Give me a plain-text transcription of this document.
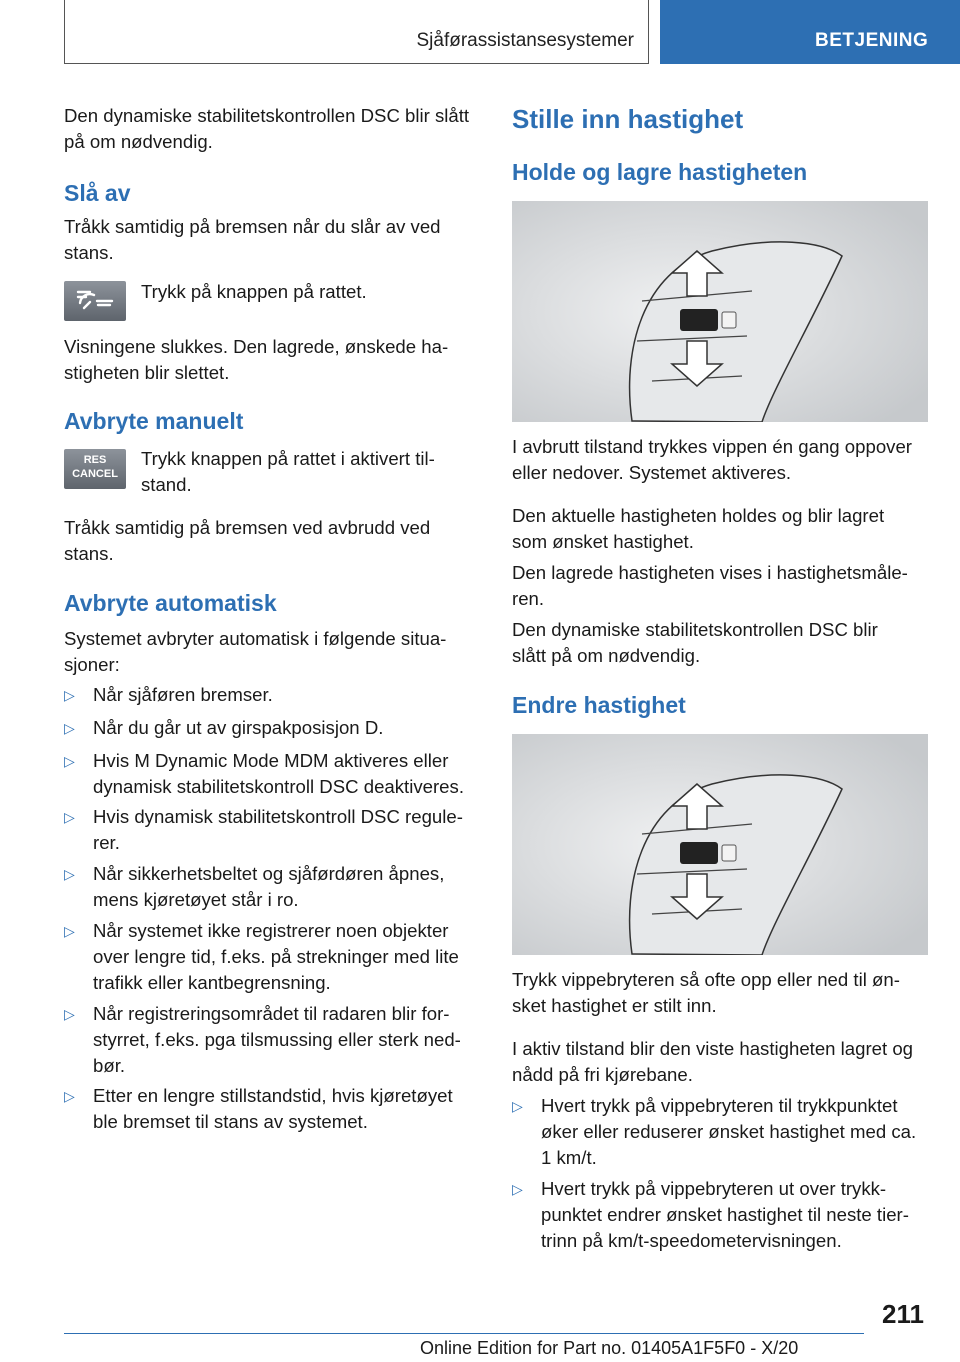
Sjåførassistansesystemer	BETJENING

Den dynamiske stabilitetskontrollen DSC blir slått på om nødvendig.

Slå av

Tråkk samtidig på bremsen når du slår av ved stans.

Trykk på knappen på rattet.

Visningene slukkes. Den lagrede, ønskede ha-stigheten blir slettet.

Avbryte manuelt
RES
CANCEL

Trykk knappen på rattet i aktivert til-stand.

Tråkk samtidig på bremsen ved avbrudd ved stans.

Avbryte automatisk

Systemet avbryter automatisk i følgende situa-sjoner:

▷ Når sjåføren bremser.
▷ Når du går ut av girspakposisjon D.
▷ Hvis M Dynamic Mode MDM aktiveres eller dynamisk stabilitetskontroll DSC deaktiveres.
▷ Hvis dynamisk stabilitetskontroll DSC regule-rer.
▷ Når sikkerhetsbeltet og sjåførdøren åpnes, mens kjøretøyet står i ro.
▷ Når systemet ikke registrerer noen objekter over lengre tid, f.eks. på strekninger med lite trafikk eller kantbegrensning.
▷ Når registreringsområdet til radaren blir for-styrret, f.eks. pga tilsmussing eller sterk ned-bør.
▷ Etter en lengre stillstandstid, hvis kjøretøyet ble bremset til stans av systemet.
Stille inn hastighet
Holde og lagre hastigheten

I avbrutt tilstand trykkes vippen én gang oppover eller nedover. Systemet aktiveres.

Den aktuelle hastigheten holdes og blir lagret som ønsket hastighet.

Den lagrede hastigheten vises i hastighetsmåle-ren.

Den dynamiske stabilitetskontrollen DSC blir slått på om nødvendig.

Endre hastighet

Trykk vippebryteren så ofte opp eller ned til øn-sket hastighet er stilt inn.

I aktiv tilstand blir den viste hastigheten lagret og nådd på fri kjørebane.

▷ Hvert trykk på vippebryteren til trykkpunktet øker eller reduserer ønsket hastighet med ca. 1 km/t.
▷ Hvert trykk på vippebryteren ut over trykk-punktet endrer ønsket hastighet til neste tier-trinn på km/t-speedometervisningen.
211
Online Edition for Part no. 01405A1F5F0 - X/20
